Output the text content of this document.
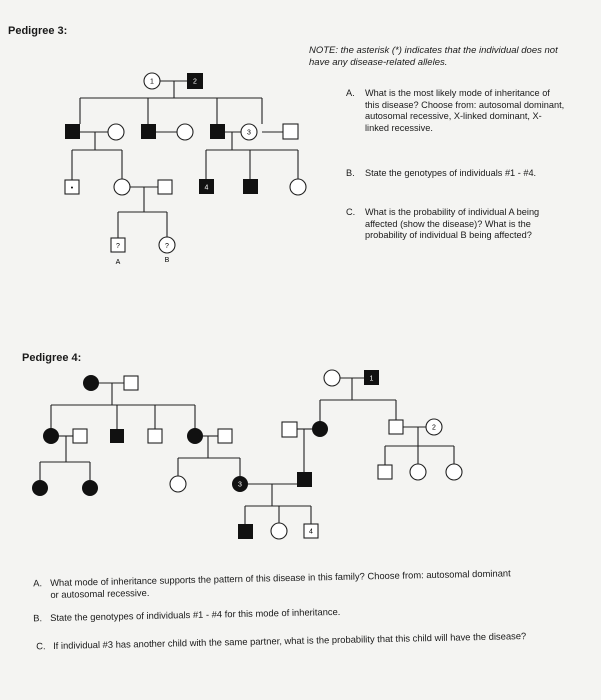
Pedigree 3:
NOTE: the asterisk (*) indicates that the individual does not have any disease-related alleles.
A. What is the most likely mode of inheritance of this disease? Choose from: autosomal dominant, autosomal recessive, X-linked dominant, X-linked recessive.
B. State the genotypes of individuals #1 - #4.
C. What is the probability of individual A being affected (show the disease)? What is the probability of individual B being affected?
1	2
3
•	4
?	?
A	B
Pedigree 4:
1
2
3
4
A. What mode of inheritance supports the pattern of this disease in this family? Choose from: autosomal dominant or autosomal recessive.
B. State the genotypes of individuals #1 - #4 for this mode of inheritance.
C. If individual #3 has another child with the same partner, what is the probability that this child will have the disease?
